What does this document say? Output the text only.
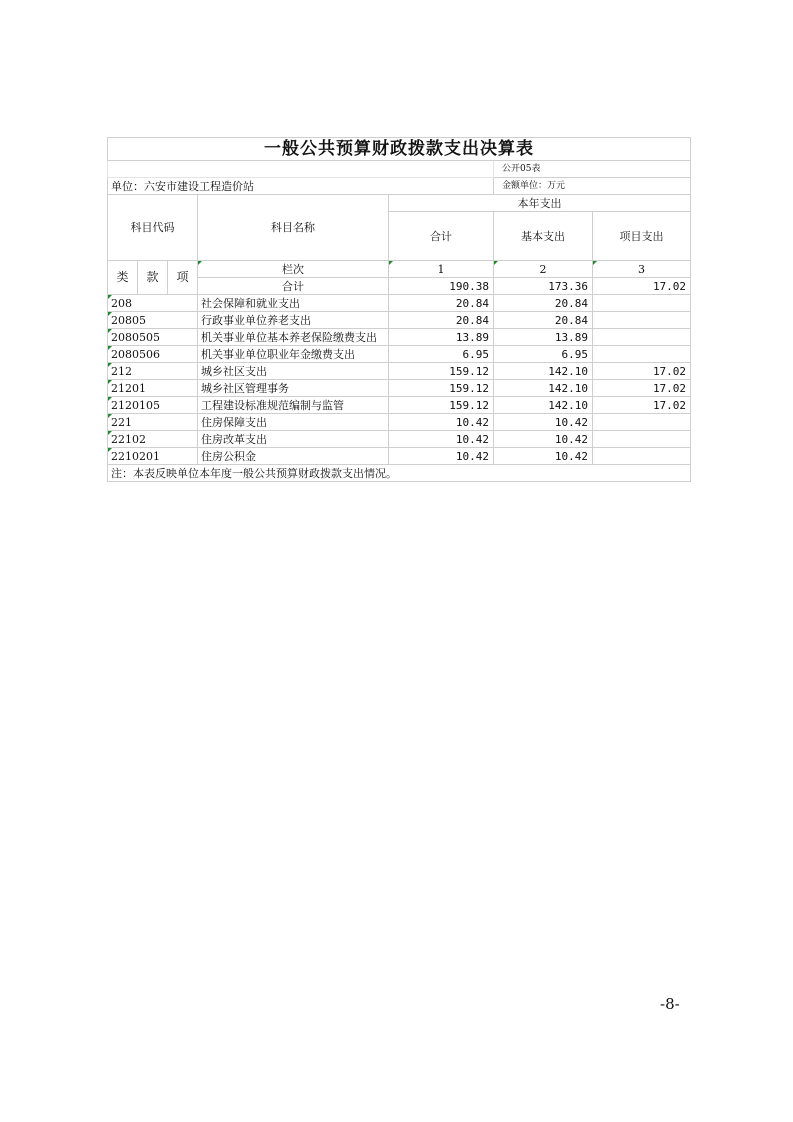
一般公共预算财政拨款支出决算表						
					公开05表	
单位：六安市建设工程造价站					金额单位：万元	
科目代码			科目名称	本年支出		
				合计	基本支出	项目支出

类	款	项	栏次	1	2	3
			合计	190.38	173.36	17.02
208			社会保障和就业支出	20.84	20.84	
20805			行政事业单位养老支出	20.84	20.84	
2080505			机关事业单位基本养老保险缴费支出	13.89	13.89	
2080506			机关事业单位职业年金缴费支出	6.95	6.95	
212			城乡社区支出	159.12	142.10	17.02
21201			城乡社区管理事务	159.12	142.10	17.02
2120105			工程建设标准规范编制与监管	159.12	142.10	17.02
221			住房保障支出	10.42	10.42	
22102			住房改革支出	10.42	10.42	
2210201			住房公积金	10.42	10.42	
注：本表反映单位本年度一般公共预算财政拨款支出情况。						
-8-
